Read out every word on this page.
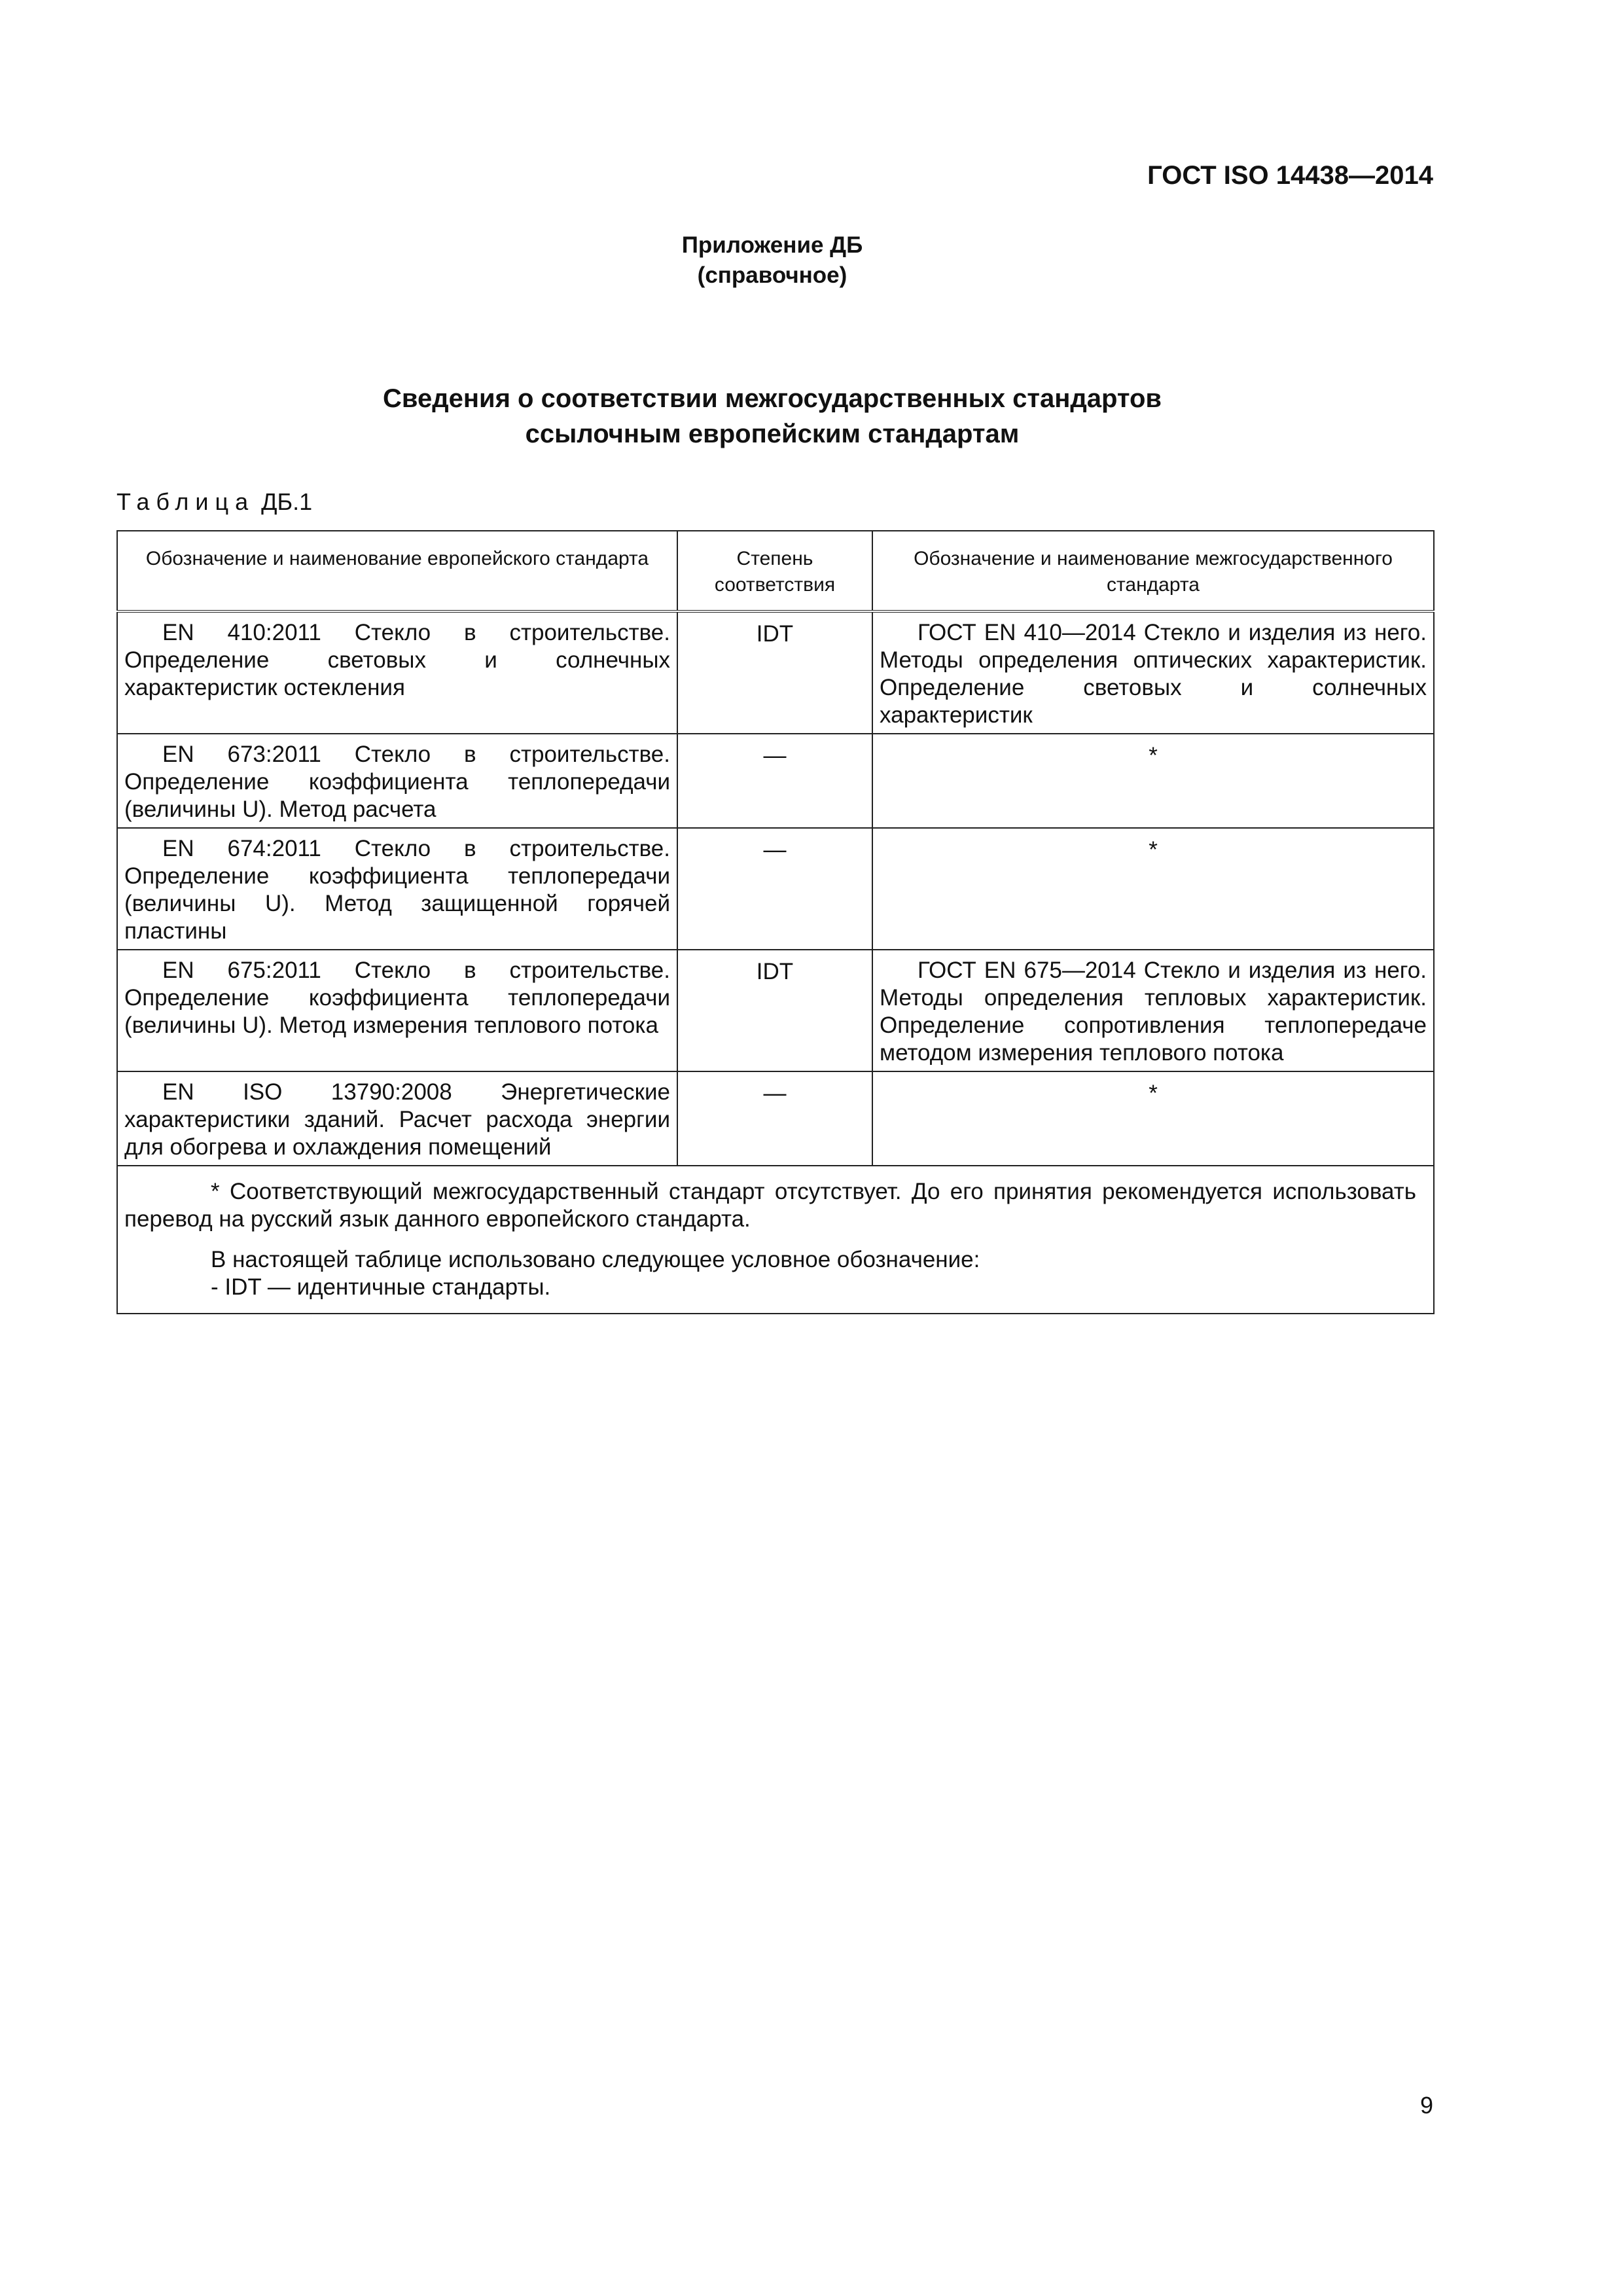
ГОСТ ISO 14438—2014
Приложение ДБ
(справочное)
Сведения о соответствии межгосударственных стандартов
ссылочным европейским стандартам
Таблица ДБ.1
Обозначение и наименование европейского стандарта	Степень соответствия	Обозначение и наименование межгосударственного стандарта

EN 410:2011 Стекло в строительстве. Определение световых и солнечных характеристик остекления	IDT	ГОСТ EN 410—2014 Стекло и изделия из него. Методы определения оптических характеристик. Определение световых и солнечных характеристик

EN 673:2011 Стекло в строительстве. Определение коэффициента теплопередачи (величины U). Метод расчета	—	*

EN 674:2011 Стекло в строительстве. Определение коэффициента теплопередачи (величины U). Метод защищенной горячей пластины	—	*

EN 675:2011 Стекло в строительстве. Определение коэффициента теплопередачи (величины U). Метод измерения теплового потока	IDT	ГОСТ EN 675—2014 Стекло и изделия из него. Методы определения тепловых характеристик. Определение сопротивления теплопередаче методом измерения теплового потока

EN ISO 13790:2008 Энергетические характеристики зданий. Расчет расхода энергии для обогрева и охлаждения помещений	—	*

* Соответствующий межгосударственный стандарт отсутствует. До его принятия рекомендуется использовать перевод на русский язык данного европейского стандарта.

В настоящей таблице использовано следующее условное обозначение:

- IDT — идентичные стандарты.		

9
